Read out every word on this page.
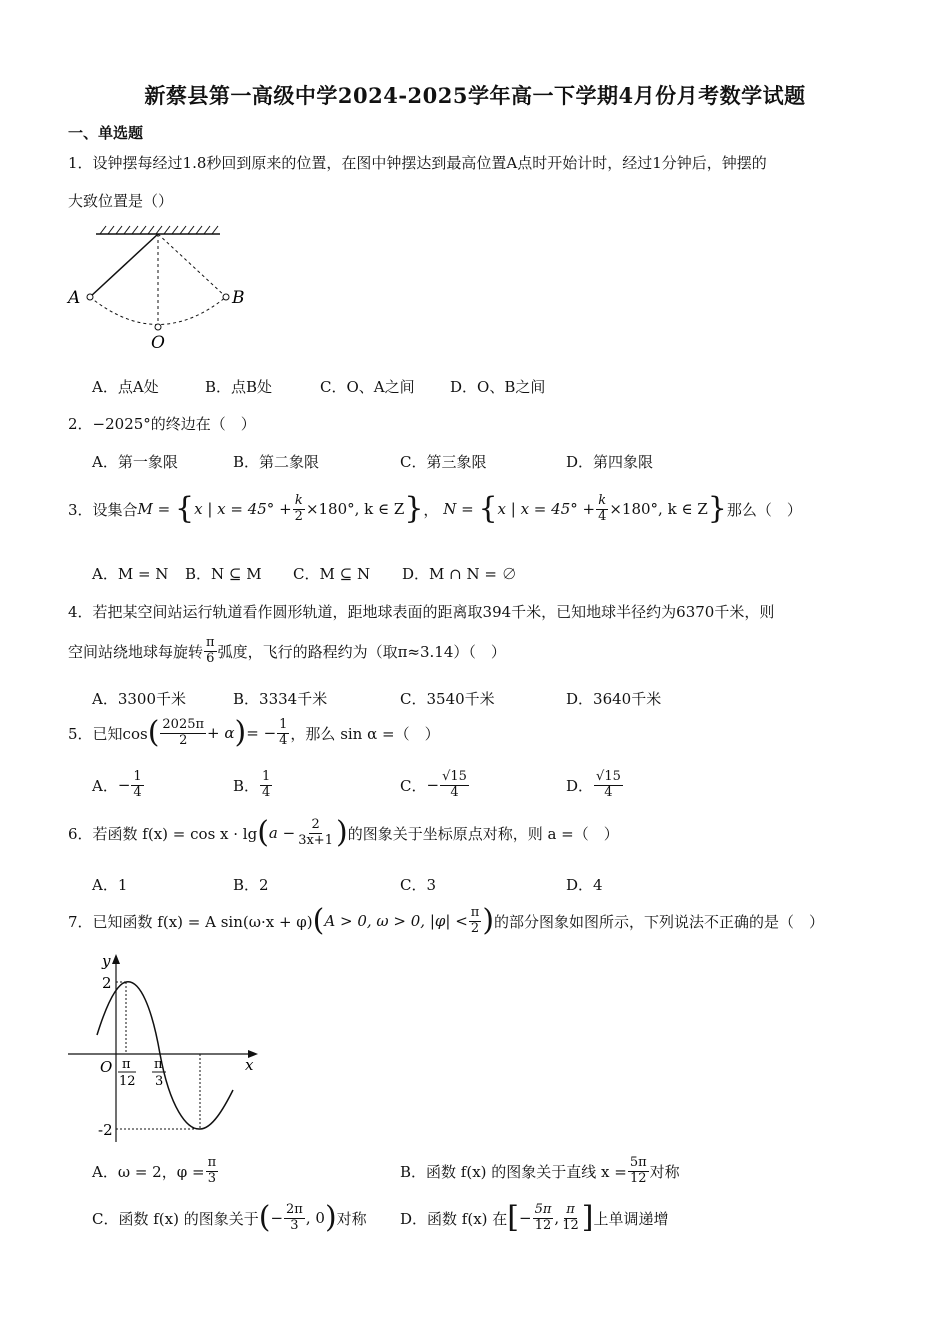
新蔡县第一高级中学2024-2025学年高一下学期4月份月考数学试题
一、单选题
1．设钟摆每经过1.8秒回到原来的位置，在图中钟摆达到最高位置A点时开始计时，经过1分钟后，钟摆的
大致位置是（）
A	B
O
A．点A处	B．点B处	C．O、A之间 D．O、B之间
2．−2025°的终边在（　）
A．第一象限	B．第二象限	C．第三象限	D．第四象限
3．设集合 M = { x | $x = 45^\circ + \frac{k}{2} \times 180^\circ$, k ∈ Z } ， N = { x | $x = 45^\circ + \frac{k}{4} \times 180^\circ$, k ∈ Z } 那么（　）
A．M = N B．N ⊆ M C．M ⊆ N D．M ∩ N = ∅
4．若把某空间站运行轨道看作圆形轨道，距地球表面的距离取394千米，已知地球半径约为6370千米，则
空间站绕地球每旋转 $\frac{\pi}{6}$ 弧度，飞行的路程约为（取π≈3.14）（　）
A．3300千米	B．3334千米	C．3540千米	D．3640千米
5．已知cos ( $\frac{2025\pi}{2} + \alpha$ ) = − $\frac{1}{4}$ ，那么 sin α =（　）
A． − $\frac{1}{4}$	B． $\frac{1}{4}$	C． − $\frac{√15}{4}$	D． $\frac{√15}{4}$
6．若函数 f(x) = cos x · lg ( $a - \frac{2}{3x+1}$ ) 的图象关于坐标原点对称，则 a =（　）
A．1	B．2	C．3	D．4
7．已知函数 f(x) = A sin(ω·x + φ) ( A > 0, ω > 0, $|\varphi| < \frac{\pi}{2}$ ) 的部分图象如图所示，下列说法不正确的是（　）
y
x
O
2
-2
π
12
π
3
A．ω = 2，$\varphi = \frac{\pi}{3}$	B．函数 f(x) 的图象关于直线 $x = \frac{5\pi}{12}$ 对称
C．函数 f(x) 的图象关于 ( − $\frac{2\pi}{3}$ , 0 ) 对称 D．函数 f(x) 在 [ − $\frac{5\pi}{12}$ , $\frac{\pi}{12}$ ] 上单调递增
